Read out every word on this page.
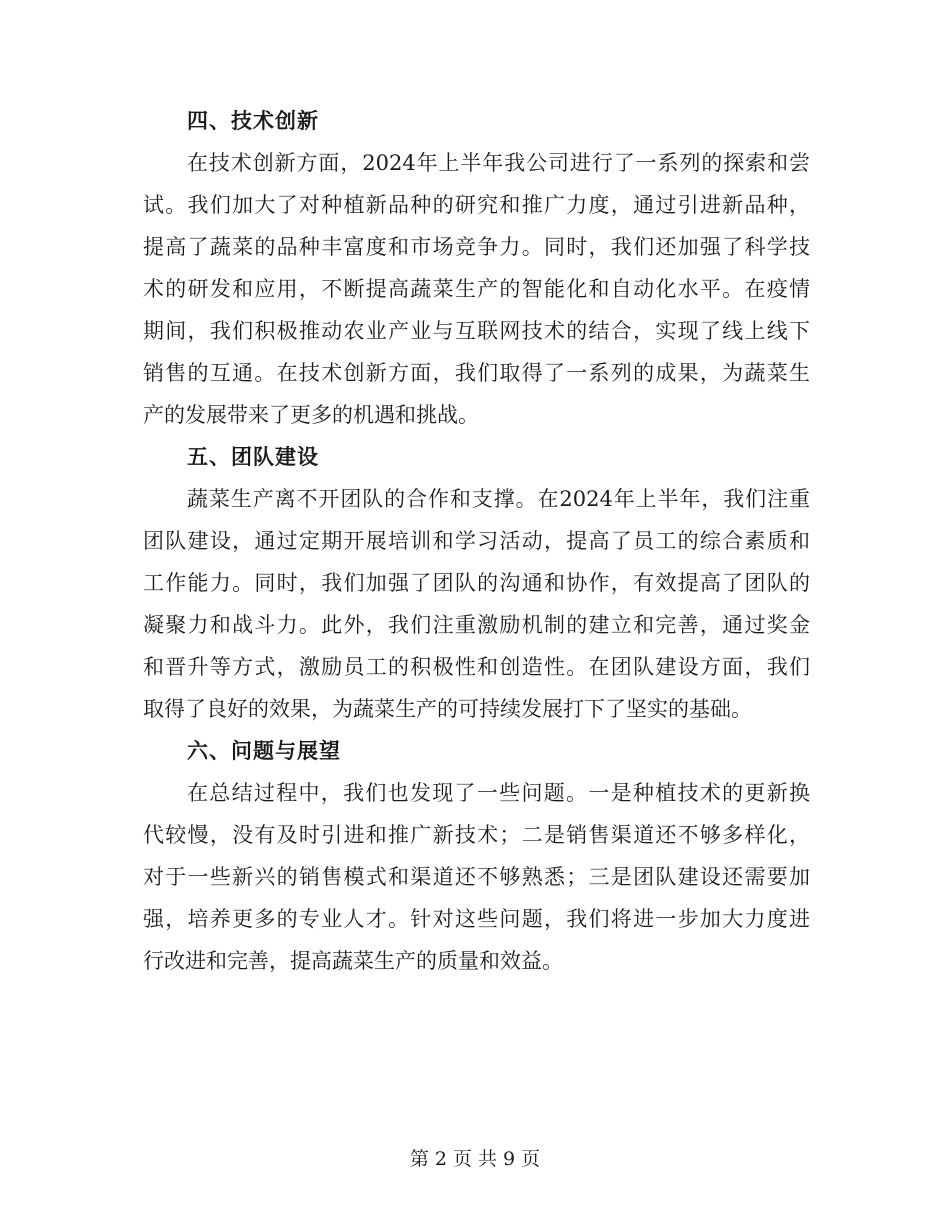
四、技术创新
在技术创新方面，2024年上半年我公司进行了一系列的探索和尝
试。我们加大了对种植新品种的研究和推广力度，通过引进新品种，
提高了蔬菜的品种丰富度和市场竞争力。同时，我们还加强了科学技
术的研发和应用，不断提高蔬菜生产的智能化和自动化水平。在疫情
期间，我们积极推动农业产业与互联网技术的结合，实现了线上线下
销售的互通。在技术创新方面，我们取得了一系列的成果，为蔬菜生
产的发展带来了更多的机遇和挑战。
五、团队建设
蔬菜生产离不开团队的合作和支撑。在2024年上半年，我们注重
团队建设，通过定期开展培训和学习活动，提高了员工的综合素质和
工作能力。同时，我们加强了团队的沟通和协作，有效提高了团队的
凝聚力和战斗力。此外，我们注重激励机制的建立和完善，通过奖金
和晋升等方式，激励员工的积极性和创造性。在团队建设方面，我们
取得了良好的效果，为蔬菜生产的可持续发展打下了坚实的基础。
六、问题与展望
在总结过程中，我们也发现了一些问题。一是种植技术的更新换
代较慢，没有及时引进和推广新技术；二是销售渠道还不够多样化，
对于一些新兴的销售模式和渠道还不够熟悉；三是团队建设还需要加
强，培养更多的专业人才。针对这些问题，我们将进一步加大力度进
行改进和完善，提高蔬菜生产的质量和效益。
第 2 页 共 9 页
